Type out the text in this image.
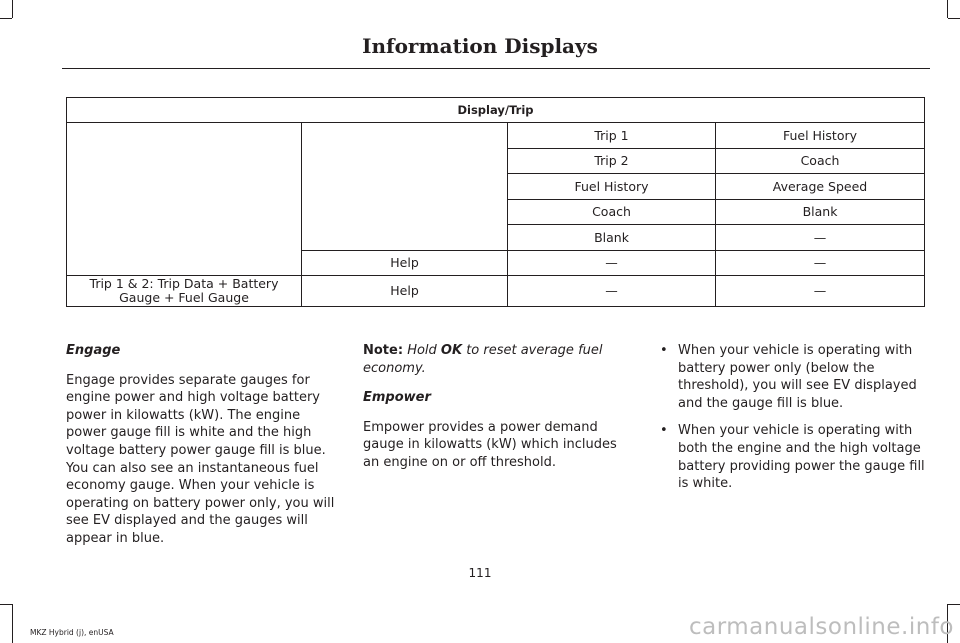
Information Displays
Display/Trip			
		Trip 1	Fuel History
		Trip 2	Coach
		Fuel History	Average Speed
		Coach	Blank
		Blank	—
	Help	—	—
Trip 1 & 2: Trip Data + Battery Gauge + Fuel Gauge	Help	—	—

Engage

Engage provides separate gauges for engine power and high voltage battery power in kilowatts (kW). The engine power gauge fill is white and the high voltage battery power gauge fill is blue. You can also see an instantaneous fuel economy gauge. When your vehicle is operating on battery power only, you will see EV displayed and the gauges will appear in blue.

Note: Hold OK to reset average fuel economy.

Empower

Empower provides a power demand gauge in kilowatts (kW) which includes an engine on or off threshold.

• When your vehicle is operating with battery power only (below the threshold), you will see EV displayed and the gauge fill is blue.
• When your vehicle is operating with both the engine and the high voltage battery providing power the gauge fill is white.
111
MKZ Hybrid (j), enUSA	carmanualsonline.info
